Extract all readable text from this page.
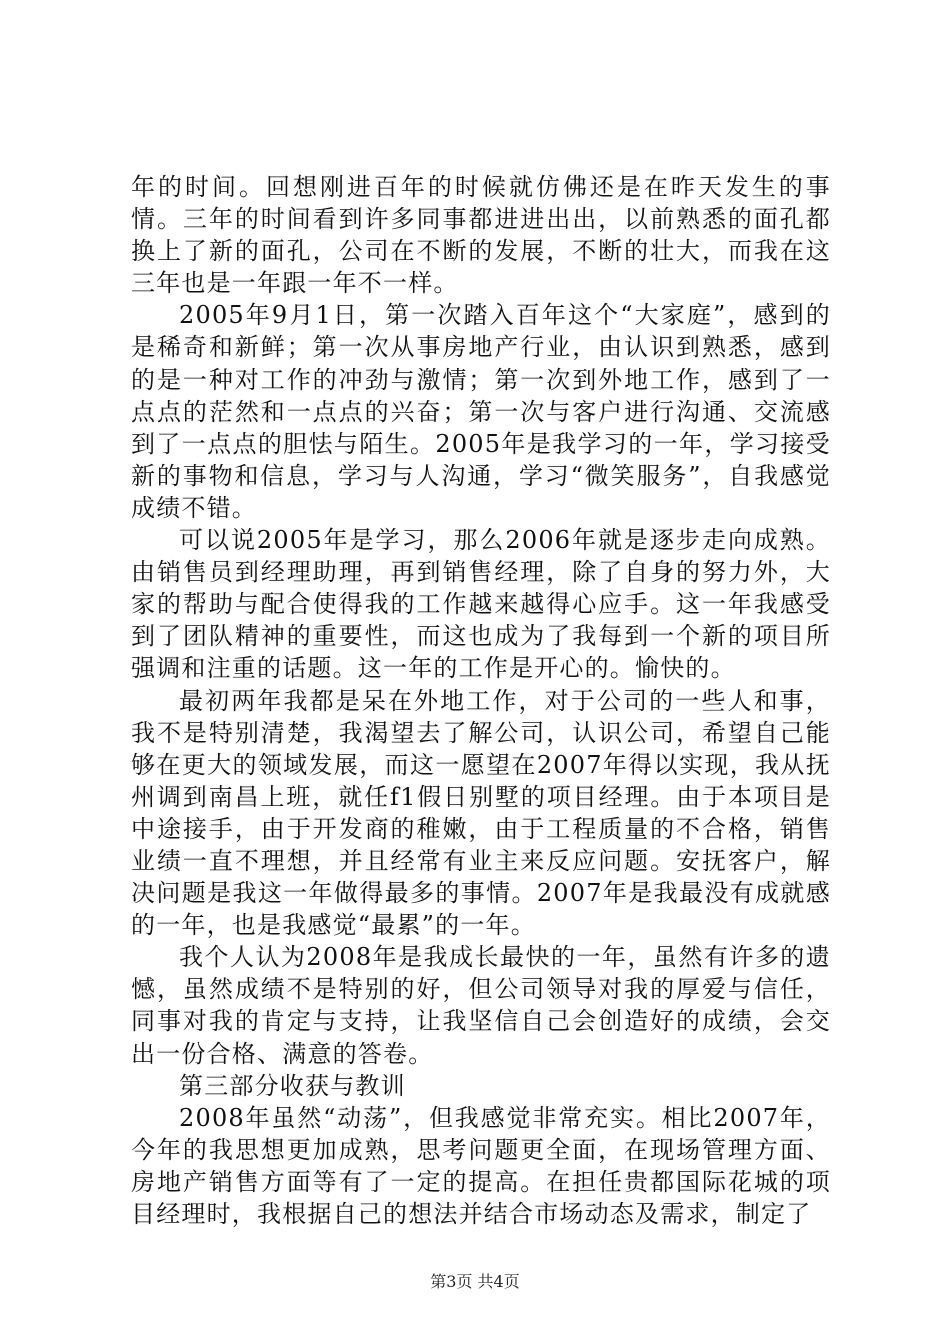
年的时间。回想刚进百年的时候就仿佛还是在昨天发生的事情。三年的时间看到许多同事都进进出出，以前熟悉的面孔都换上了新的面孔，公司在不断的发展，不断的壮大，而我在这三年也是一年跟一年不一样。

2005年9月1日，第一次踏入百年这个“大家庭”，感到的是稀奇和新鲜；第一次从事房地产行业，由认识到熟悉，感到的是一种对工作的冲劲与激情；第一次到外地工作，感到了一点点的茫然和一点点的兴奋；第一次与客户进行沟通、交流感到了一点点的胆怯与陌生。2005年是我学习的一年，学习接受新的事物和信息，学习与人沟通，学习“微笑服务”，自我感觉成绩不错。

可以说2005年是学习，那么2006年就是逐步走向成熟。由销售员到经理助理，再到销售经理，除了自身的努力外，大家的帮助与配合使得我的工作越来越得心应手。这一年我感受到了团队精神的重要性，而这也成为了我每到一个新的项目所强调和注重的话题。这一年的工作是开心的。愉快的。

最初两年我都是呆在外地工作，对于公司的一些人和事，我不是特别清楚，我渴望去了解公司，认识公司，希望自己能够在更大的领域发展，而这一愿望在2007年得以实现，我从抚州调到南昌上班，就任f1假日别墅的项目经理。由于本项目是中途接手，由于开发商的稚嫩，由于工程质量的不合格，销售业绩一直不理想，并且经常有业主来反应问题。安抚客户，解决问题是我这一年做得最多的事情。2007年是我最没有成就感的一年，也是我感觉“最累”的一年。

我个人认为2008年是我成长最快的一年，虽然有许多的遗憾，虽然成绩不是特别的好，但公司领导对我的厚爱与信任，同事对我的肯定与支持，让我坚信自己会创造好的成绩，会交出一份合格、满意的答卷。

第三部分收获与教训

2008年虽然“动荡”，但我感觉非常充实。相比2007年，今年的我思想更加成熟，思考问题更全面，在现场管理方面、房地产销售方面等有了一定的提高。在担任贵都国际花城的项目经理时，我根据自己的想法并结合市场动态及需求，制定了

第3页 共4页
